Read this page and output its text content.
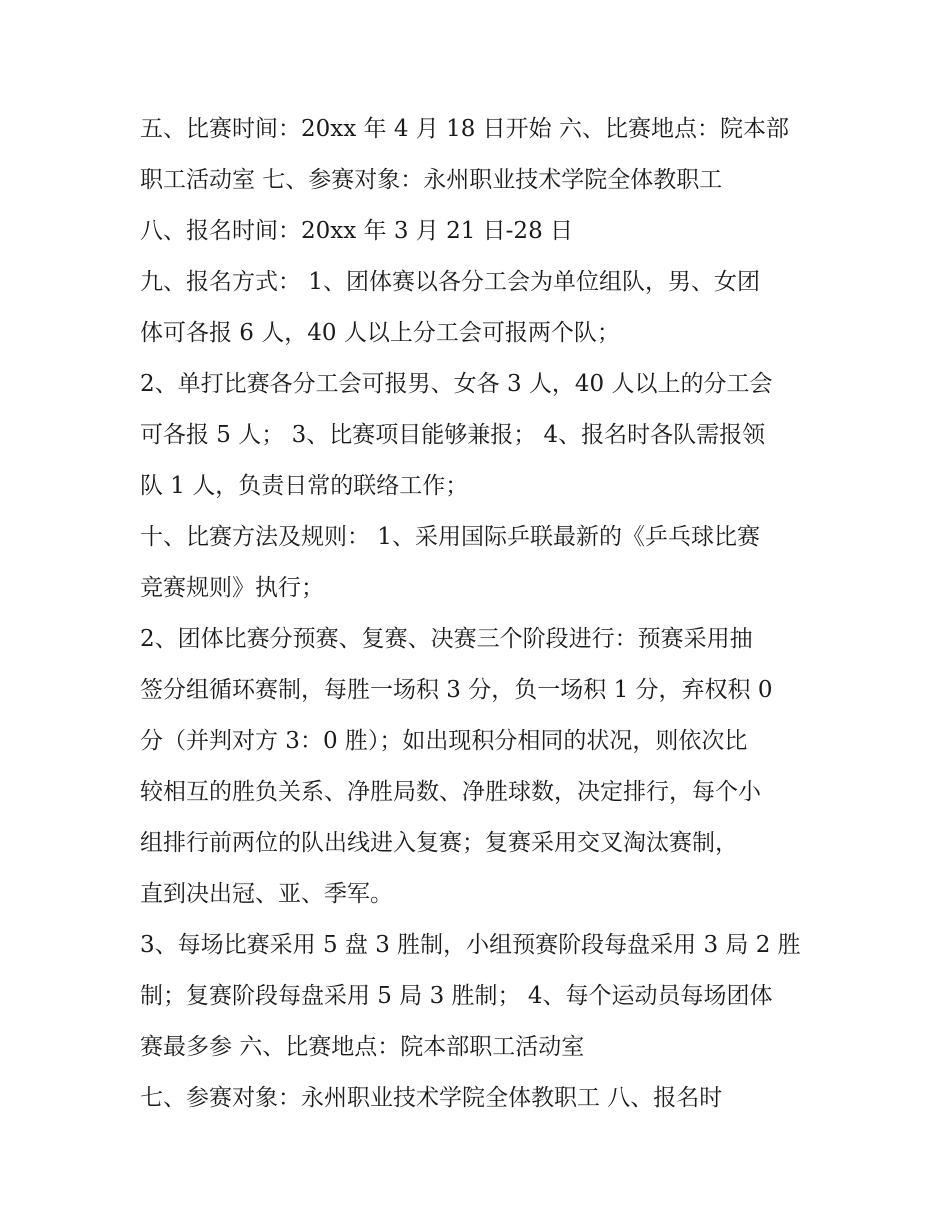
五、比赛时间：20xx 年 4 月 18 日开始 六、比赛地点：院本部
职工活动室 七、参赛对象：永州职业技术学院全体教职工
八、报名时间：20xx 年 3 月 21 日-28 日
九、报名方式： 1、团体赛以各分工会为单位组队，男、女团
体可各报 6 人，40 人以上分工会可报两个队；
2、单打比赛各分工会可报男、女各 3 人，40 人以上的分工会
可各报 5 人； 3、比赛项目能够兼报； 4、报名时各队需报领
队 1 人，负责日常的联络工作；
十、比赛方法及规则： 1、采用国际乒联最新的《乒乓球比赛
竞赛规则》执行；
2、团体比赛分预赛、复赛、决赛三个阶段进行：预赛采用抽
签分组循环赛制，每胜一场积 3 分，负一场积 1 分，弃权积 0
分（并判对方 3：0 胜）；如出现积分相同的状况，则依次比
较相互的胜负关系、净胜局数、净胜球数，决定排行，每个小
组排行前两位的队出线进入复赛；复赛采用交叉淘汰赛制，
直到决出冠、亚、季军。
3、每场比赛采用 5 盘 3 胜制，小组预赛阶段每盘采用 3 局 2 胜
制；复赛阶段每盘采用 5 局 3 胜制； 4、每个运动员每场团体
赛最多参 六、比赛地点：院本部职工活动室
七、参赛对象：永州职业技术学院全体教职工 八、报名时
